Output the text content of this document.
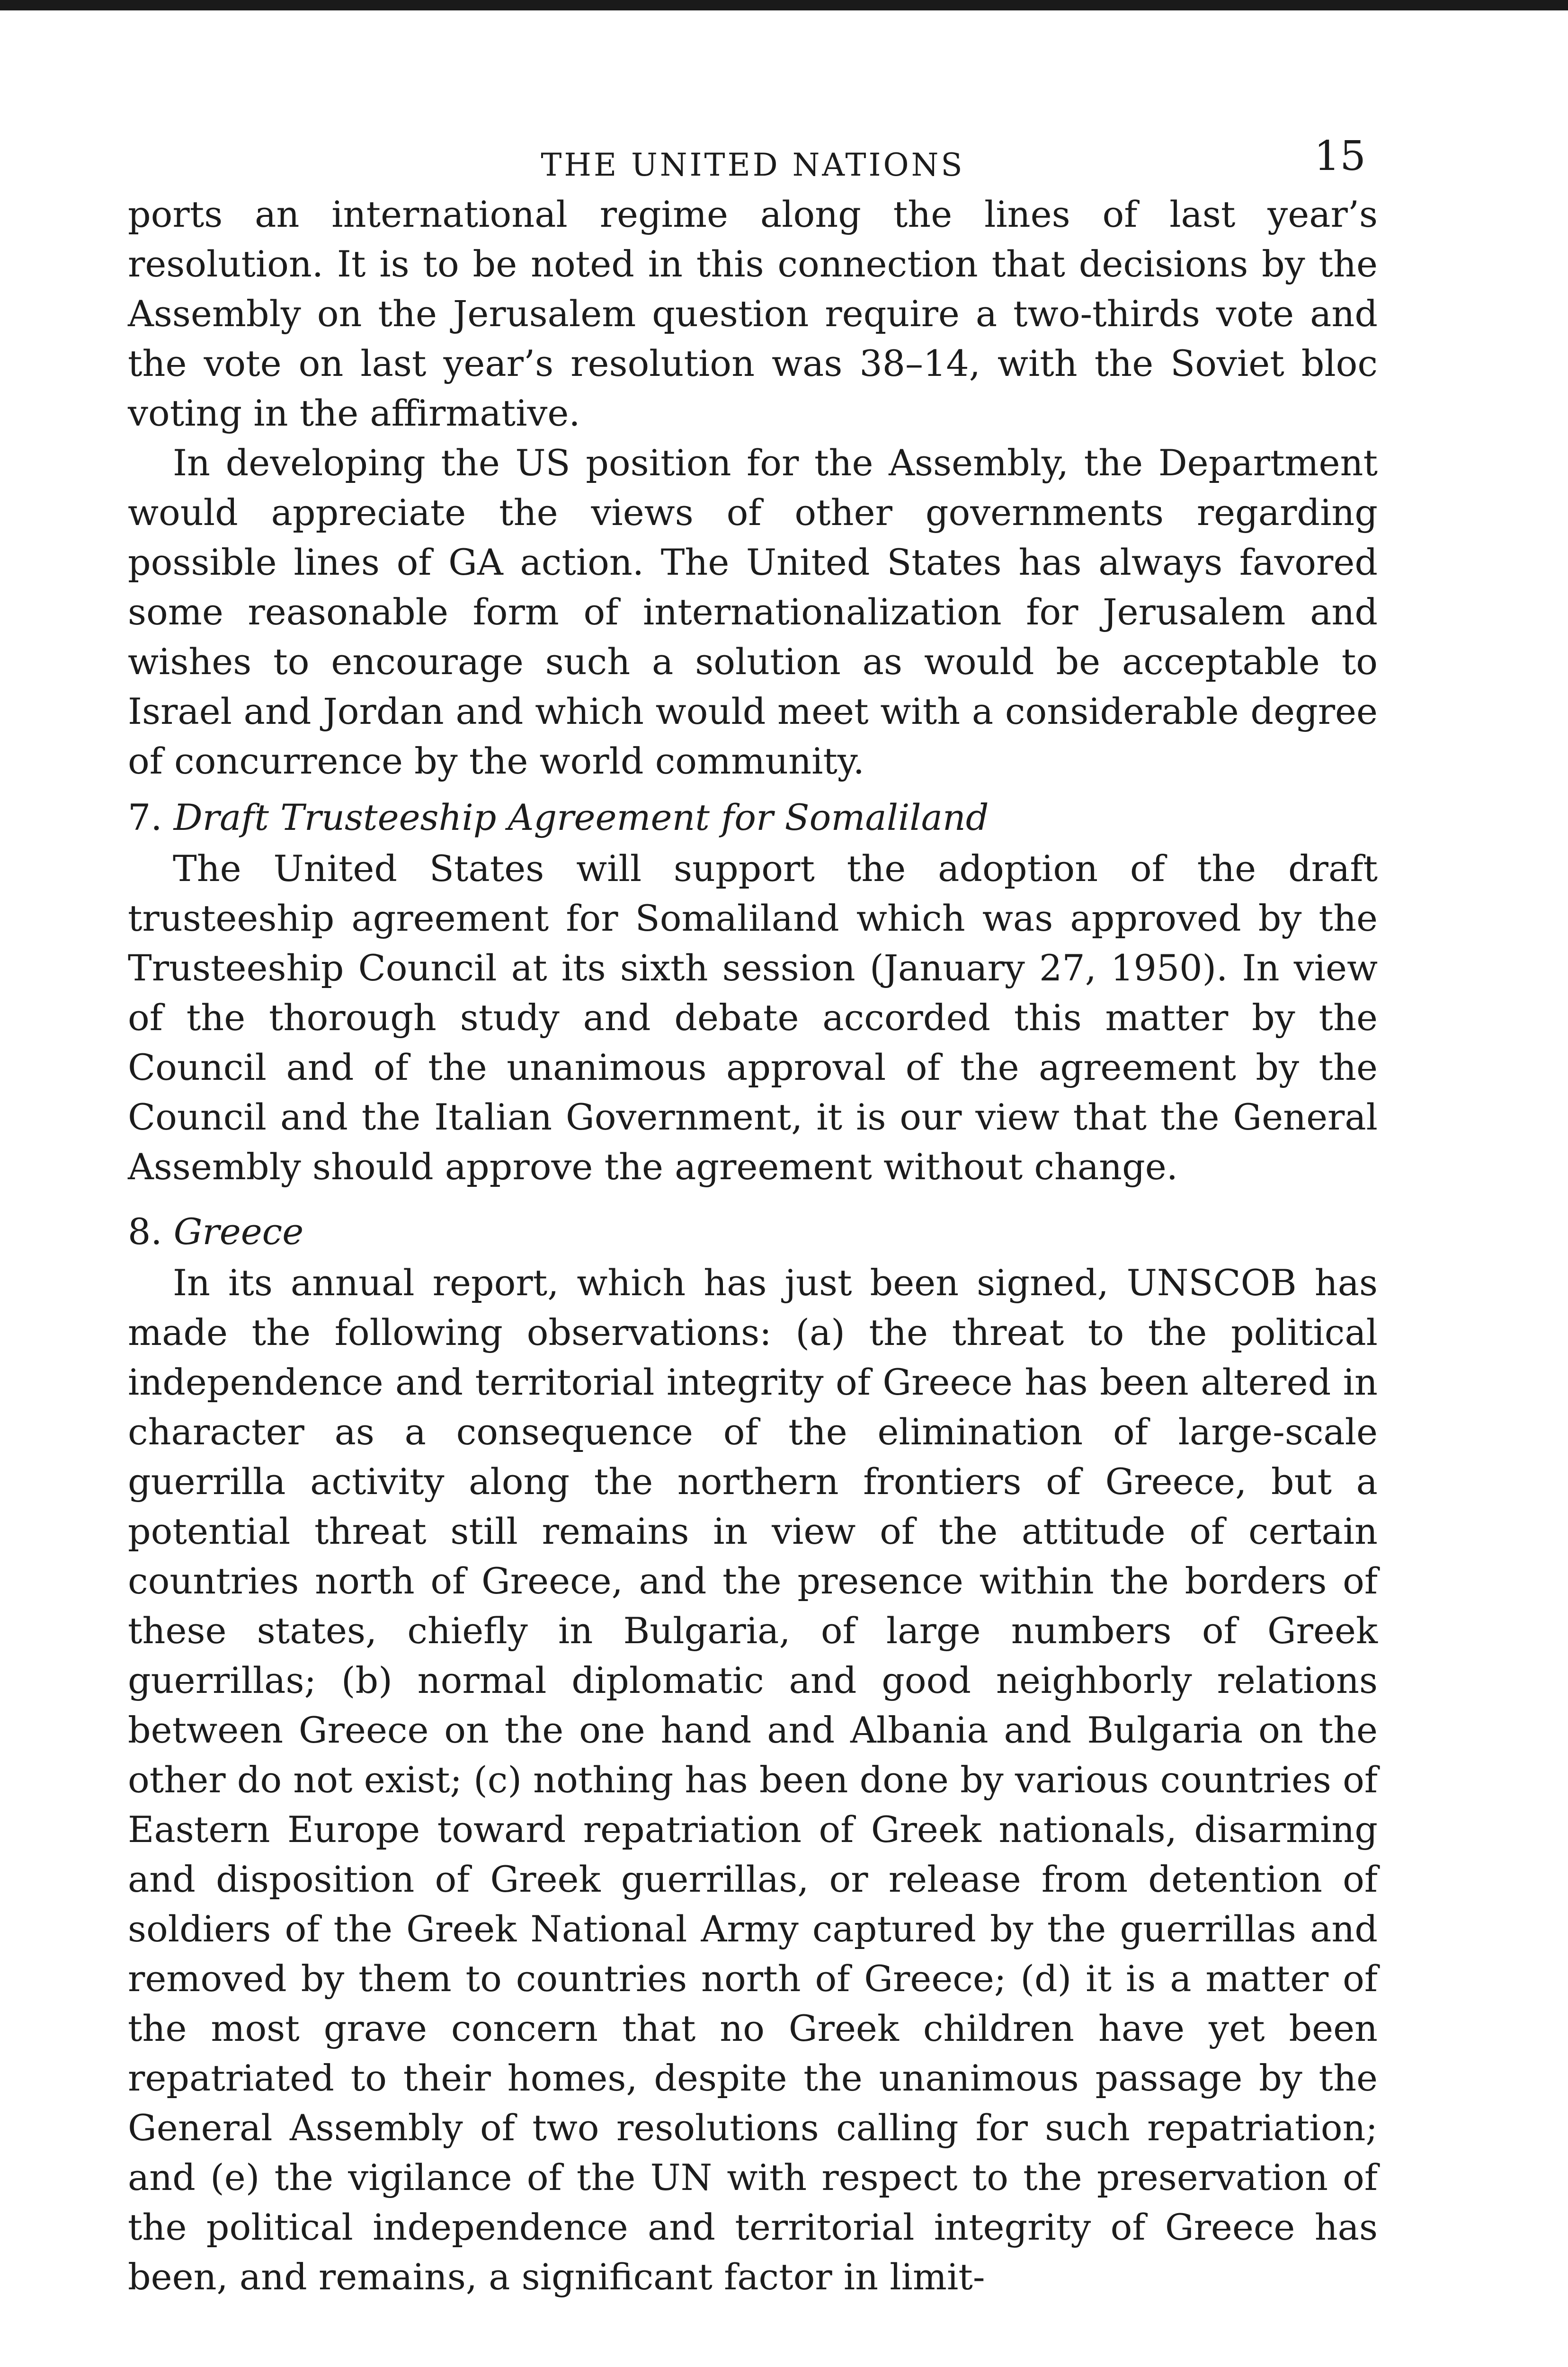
THE UNITED NATIONS	15

ports an international regime along the lines of last year’s resolution. It is to be noted in this connection that decisions by the Assembly on the Jerusalem question require a two-thirds vote and the vote on last year’s resolution was 38–14, with the Soviet bloc voting in the affirmative.

In developing the US position for the Assembly, the Department would appreciate the views of other governments regarding possible lines of GA action. The United States has always favored some reasonable form of internationalization for Jerusalem and wishes to encourage such a solution as would be acceptable to Israel and Jordan and which would meet with a considerable degree of concurrence by the world community.

7. Draft Trusteeship Agreement for Somaliland

The United States will support the adoption of the draft trusteeship agreement for Somaliland which was approved by the Trusteeship Council at its sixth session (January 27, 1950). In view of the thorough study and debate accorded this matter by the Council and of the unanimous approval of the agreement by the Council and the Italian Government, it is our view that the General Assembly should approve the agreement without change.

8. Greece

In its annual report, which has just been signed, UNSCOB has made the following observations: (a) the threat to the political independence and territorial integrity of Greece has been altered in character as a consequence of the elimination of large-scale guerrilla activity along the northern frontiers of Greece, but a potential threat still remains in view of the attitude of certain countries north of Greece, and the presence within the borders of these states, chiefly in Bulgaria, of large numbers of Greek guerrillas; (b) normal diplomatic and good neighborly relations between Greece on the one hand and Albania and Bulgaria on the other do not exist; (c) nothing has been done by various countries of Eastern Europe toward repatriation of Greek nationals, disarming and disposition of Greek guerrillas, or release from detention of soldiers of the Greek National Army captured by the guerrillas and removed by them to countries north of Greece; (d) it is a matter of the most grave concern that no Greek children have yet been repatriated to their homes, despite the unanimous passage by the General Assembly of two resolutions calling for such repatriation; and (e) the vigilance of the UN with respect to the preservation of the political independence and territorial integrity of Greece has been, and remains, a significant factor in limit-
